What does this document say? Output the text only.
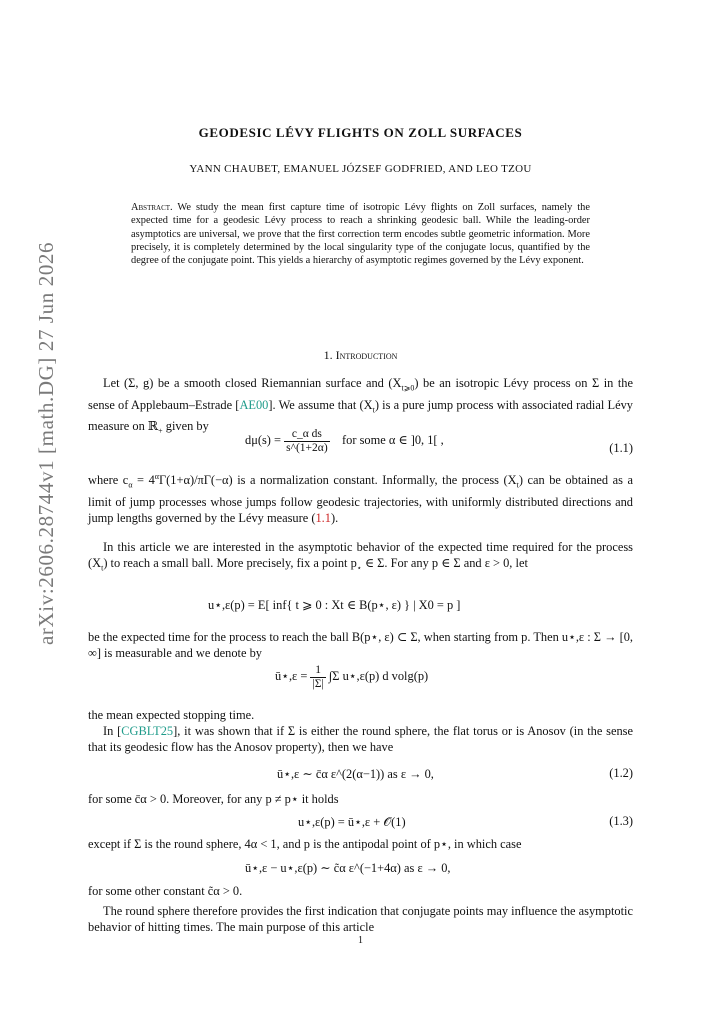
arXiv:2606.28744v1 [math.DG] 27 Jun 2026
GEODESIC LÉVY FLIGHTS ON ZOLL SURFACES
YANN CHAUBET, EMANUEL JÓZSEF GODFRIED, AND LEO TZOU
Abstract. We study the mean first capture time of isotropic Lévy flights on Zoll surfaces, namely the expected time for a geodesic Lévy process to reach a shrinking geodesic ball. While the leading-order asymptotics are universal, we prove that the first correction term encodes subtle geometric information. More precisely, it is completely determined by the local singularity type of the conjugate locus, quantified by the degree of the conjugate point. This yields a hierarchy of asymptotic regimes governed by the Lévy exponent.
1. Introduction
Let (Σ, g) be a smooth closed Riemannian surface and $(X_{t⩾0})$ be an isotropic Lévy process on Σ in the sense of Applebaum–Estrade [AE00]. We assume that $(X_t)$ is a pure jump process with associated radial Lévy measure on ℝ$_+$ given by
$d\mu(s) = \frac{\text{c\_α ds}}{s\^{}(1+2\alpha)}$ for some α ∈ ]0, 1[ ,
(1.1)
where $c_\alpha = 4^\alpha\Gamma(1+\alpha)/\pi\Gamma(-\alpha)$ is a normalization constant. Informally, the process $(X_t)$ can be obtained as a limit of jump processes whose jumps follow geodesic trajectories, with uniformly distributed directions and jump lengths governed by the Lévy measure (1.1).
In this article we are interested in the asymptotic behavior of the expected time required for the process $(X_t)$ to reach a small ball. More precisely, fix a point $p_⋆$ ∈ Σ. For any p ∈ Σ and ε > 0, let
u⋆,ε(p) = E[ inf{ t ⩾ 0 : Xt ∈ B(p⋆, ε) } | X0 = p ]
be the expected time for the process to reach the ball B(p⋆, ε) ⊂ Σ, when starting from p. Then u⋆,ε : Σ → [0, ∞] is measurable and we denote by
ū⋆,ε = $\frac{1}{|\Sigma|} \int\Sigma$ u⋆,ε(p) d volg(p)
the mean expected stopping time.
In [CGBLT25], it was shown that if Σ is either the round sphere, the flat torus or is Anosov (in the sense that its geodesic flow has the Anosov property), then we have
ū⋆,ε ∼ c̄α ε^(2(α−1)) as ε → 0,	(1.2)
for some c̄α > 0. Moreover, for any p ≠ p⋆ it holds
u⋆,ε(p) = ū⋆,ε + 𝒪(1)	(1.3)
except if Σ is the round sphere, 4α < 1, and p is the antipodal point of p⋆, in which case
ū⋆,ε − u⋆,ε(p) ∼ c̃α ε^(−1+4α) as ε → 0,
for some other constant c̃α > 0.
The round sphere therefore provides the first indication that conjugate points may influence the asymptotic behavior of hitting times. The main purpose of this article
1
